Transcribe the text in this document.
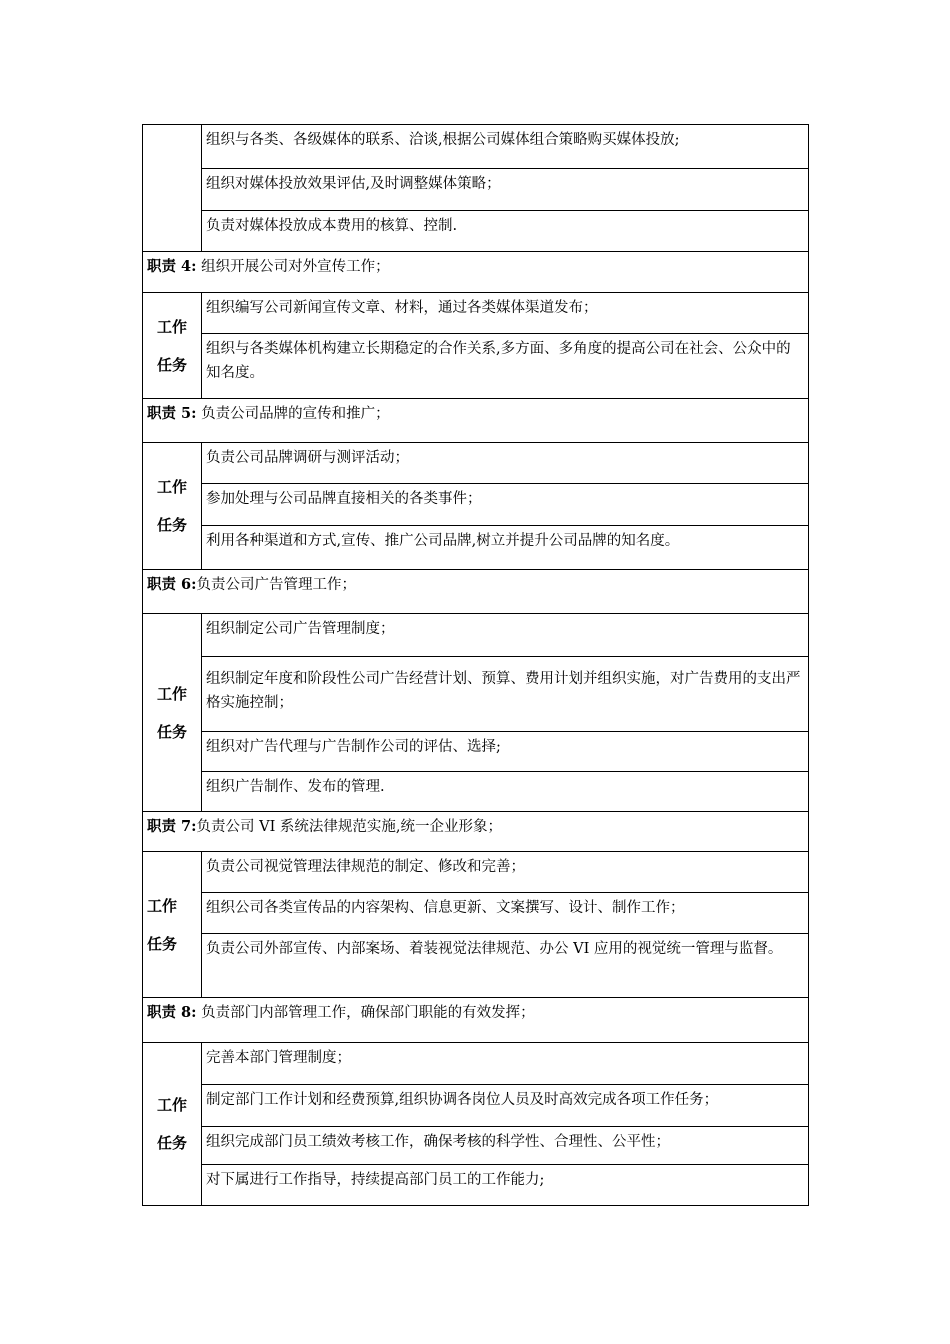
	组织与各类、各级媒体的联系、洽谈,根据公司媒体组合策略购买媒体投放;
	组织对媒体投放效果评估,及时调整媒体策略；
	负责对媒体投放成本费用的核算、控制.
职责 4: 组织开展公司对外宣传工作；	

工作
任务	组织编写公司新闻宣传文章、材料，通过各类媒体渠道发布；
	组织与各类媒体机构建立长期稳定的合作关系,多方面、多角度的提高公司在社会、公众中的知名度。
职责 5: 负责公司品牌的宣传和推广；	

工作
任务	负责公司品牌调研与测评活动；
	参加处理与公司品牌直接相关的各类事件；
	利用各种渠道和方式,宣传、推广公司品牌,树立并提升公司品牌的知名度。
职责 6:负责公司广告管理工作；	

工作
任务	组织制定公司广告管理制度；
	组织制定年度和阶段性公司广告经营计划、预算、费用计划并组织实施，对广告费用的支出严格实施控制；
	组织对广告代理与广告制作公司的评估、选择;
	组织广告制作、发布的管理.
职责 7:负责公司 VI 系统法律规范实施,统一企业形象；	

工作
任务	负责公司视觉管理法律规范的制定、修改和完善；
	组织公司各类宣传品的内容架构、信息更新、文案撰写、设计、制作工作；
	负责公司外部宣传、内部案场、着装视觉法律规范、办公 VI 应用的视觉统一管理与监督。
职责 8: 负责部门内部管理工作，确保部门职能的有效发挥；	

工作
任务	完善本部门管理制度；
	制定部门工作计划和经费预算,组织协调各岗位人员及时高效完成各项工作任务；
	组织完成部门员工绩效考核工作，确保考核的科学性、合理性、公平性；
	对下属进行工作指导，持续提高部门员工的工作能力;
